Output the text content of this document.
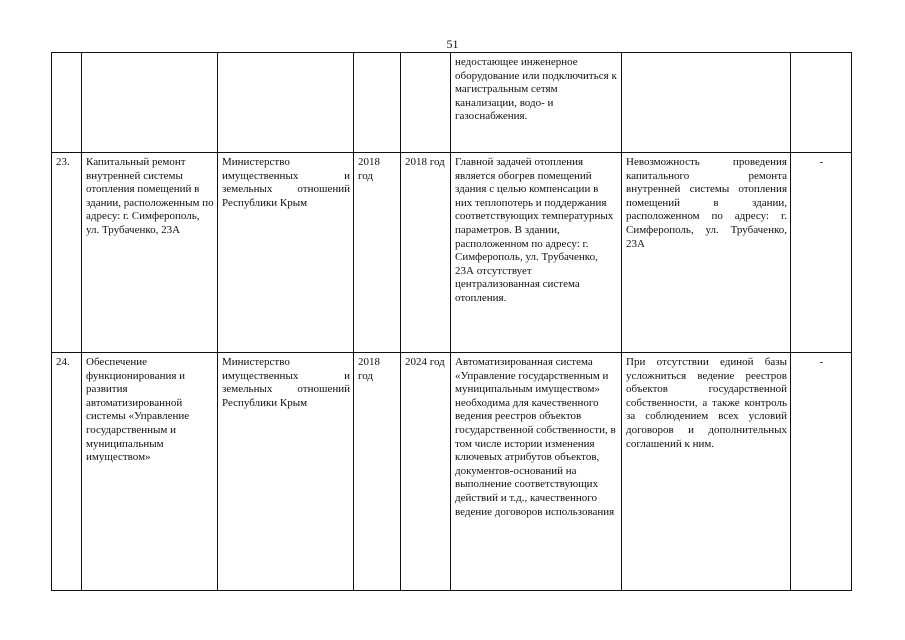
51
					недостающее инженерное оборудование или подключиться к магистральным сетям канализации, водо- и газоснабжения.		
23.	Капитальный ремонт внутренней системы отопления помещений в здании, расположенным по адресу: г. Симферополь, ул. Трубаченко, 23А	Министерство имущественных и земельных отношений Республики Крым	2018 год	2018 год	Главной задачей отопления является обогрев помещений здания с целью компенсации в них теплопотерь и поддержания соответствующих температурных параметров. В здании, расположенном по адресу: г. Симферополь, ул. Трубаченко, 23А отсутствует централизованная система отопления.	Невозможность проведения капитального ремонта внутренней системы отопления помещений в здании, расположенном по адресу: г. Симферополь, ул. Трубаченко, 23А	-
24.	Обеспечение функционирования и развития автоматизированной системы «Управление государственным и муниципальным имуществом»	Министерство имущественных и земельных отношений Республики Крым	2018 год	2024 год	Автоматизированная система «Управление государственным и муниципальным имуществом» необходима для качественного ведения реестров объектов государственной собственности, в том числе истории изменения ключевых атрибутов объектов, документов-оснований на выполнение соответствующих действий и т.д., качественного ведение договоров использования	При отсутствии единой базы усложниться ведение реестров объектов государственной собственности, а также контроль за соблюдением всех условий договоров и дополнительных соглашений к ним.	-
